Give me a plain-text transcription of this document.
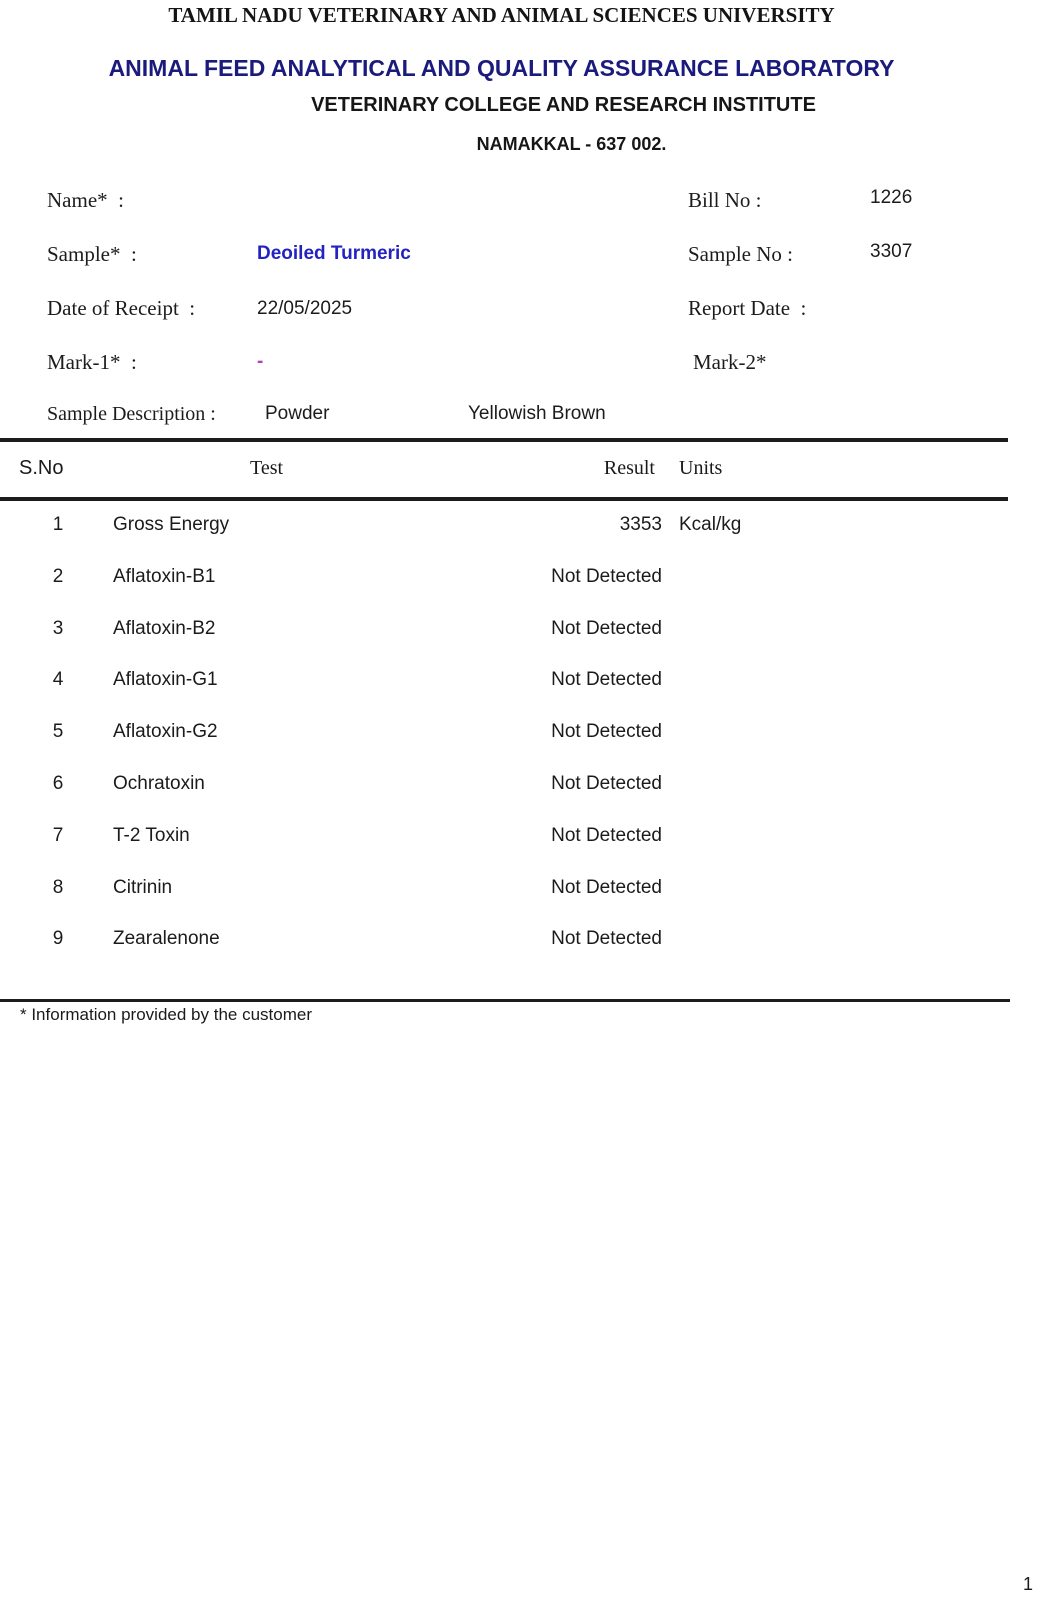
TAMIL NADU VETERINARY AND ANIMAL SCIENCES UNIVERSITY
ANIMAL FEED ANALYTICAL AND QUALITY ASSURANCE LABORATORY
VETERINARY COLLEGE AND RESEARCH INSTITUTE
NAMAKKAL - 637 002.
Name*  :
Sample*  :	Deoiled Turmeric
Date of Receipt  :	22/05/2025
Mark-1*  :	-
Sample Description :	Powder	Yellowish Brown
Bill No :	1226
Sample No :	3307
Report Date  :
Mark-2*
S.No	Test	Result Units
1	Gross Energy	3353 Kcal/kg
2	Aflatoxin-B1	Not Detected
3	Aflatoxin-B2	Not Detected
4	Aflatoxin-G1	Not Detected
5	Aflatoxin-G2	Not Detected
6	Ochratoxin	Not Detected
7	T-2 Toxin	Not Detected
8	Citrinin	Not Detected
9	Zearalenone	Not Detected
* Information provided by the customer
1
